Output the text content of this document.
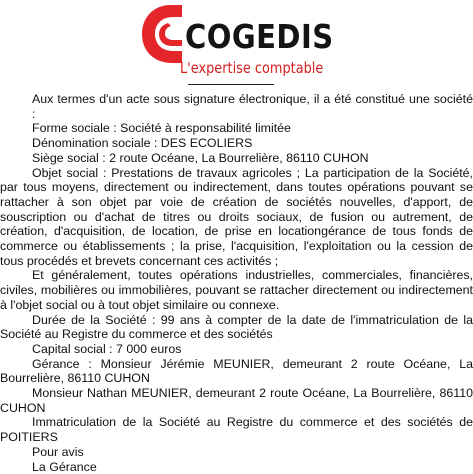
COGEDIS
L'expertise comptable

Aux termes d'un acte sous signature électronique, il a été constitué une société :

Forme sociale : Société à responsabilité limitée

Dénomination sociale : DES ECOLIERS

Siège social : 2 route Océane, La Bourrelière, 86110 CUHON

Objet social : Prestations de travaux agricoles ; La participation de la Société, par tous moyens, directement ou indirectement, dans toutes opérations pouvant se rattacher à son objet par voie de création de sociétés nouvelles, d'apport, de souscription ou d'achat de titres ou droits sociaux, de fusion ou autrement, de création, d'acquisition, de location, de prise en locationgérance de tous fonds de commerce ou établissements ; la prise, l'acquisition, l'exploitation ou la cession de tous procédés et brevets concernant ces activités ;

Et généralement, toutes opérations industrielles, commerciales, financières, civiles, mobilières ou immobilières, pouvant se rattacher directement ou indirectement à l'objet social ou à tout objet similaire ou connexe.

Durée de la Société : 99 ans à compter de la date de l'immatriculation de la Société au Registre du commerce et des sociétés

Capital social : 7 000 euros

Gérance : Monsieur Jérémie MEUNIER, demeurant 2 route Océane, La Bourrelière, 86110 CUHON

Monsieur Nathan MEUNIER, demeurant 2 route Océane, La Bourrelière, 86110 CUHON

Immatriculation de la Société au Registre du commerce et des sociétés de POITIERS

Pour avis

La Gérance
